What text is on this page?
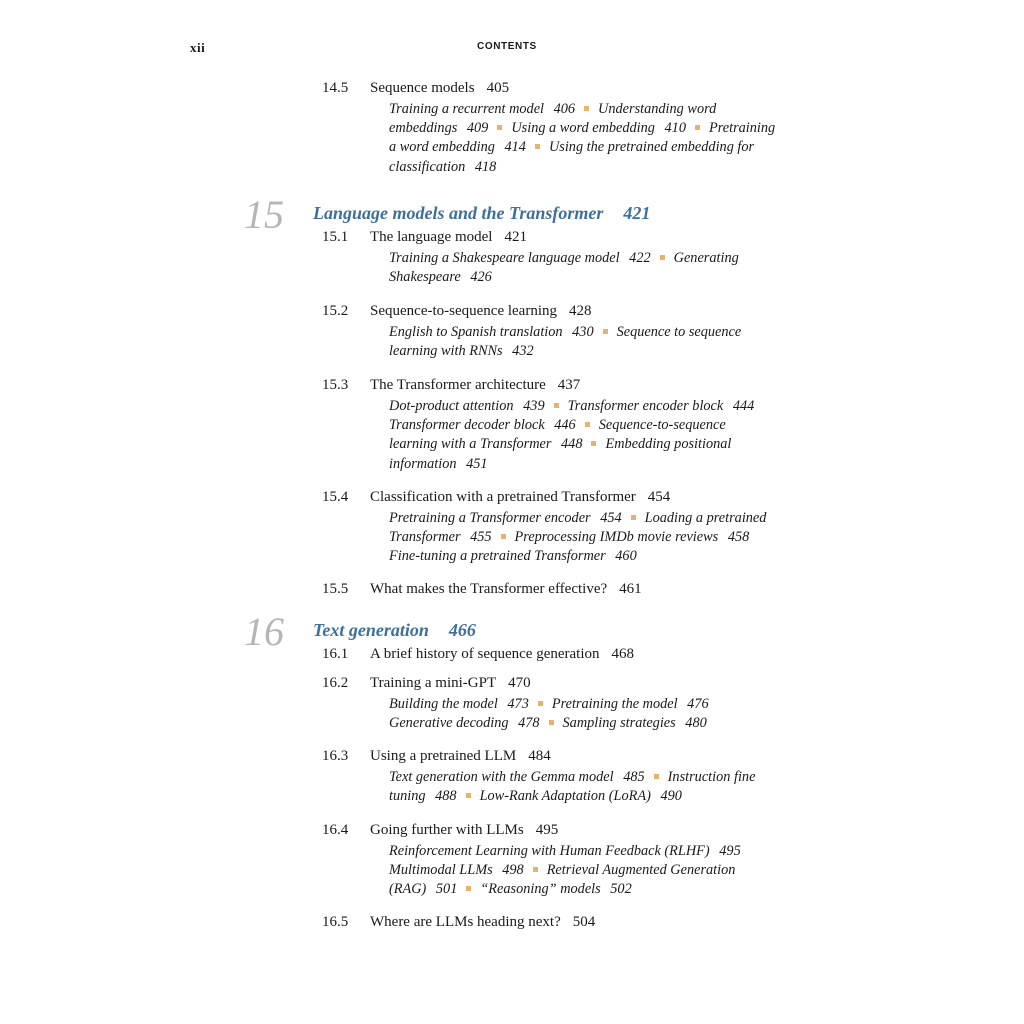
xii	CONTENTS
14.5 Sequence models 405
Training a recurrent model 406 Understanding word
embeddings 409 Using a word embedding 410 Pretraining
a word embedding 414 Using the pretrained embedding for
classification 418
15 Language models and the Transformer 421
15.1 The language model 421
Training a Shakespeare language model 422 Generating
Shakespeare 426
15.2 Sequence-to-sequence learning 428
English to Spanish translation 430 Sequence to sequence
learning with RNNs 432
15.3 The Transformer architecture 437
Dot-product attention 439 Transformer encoder block 444
Transformer decoder block 446 Sequence-to-sequence
learning with a Transformer 448 Embedding positional
information 451
15.4 Classification with a pretrained Transformer 454
Pretraining a Transformer encoder 454 Loading a pretrained
Transformer 455 Preprocessing IMDb movie reviews 458
Fine-tuning a pretrained Transformer 460
15.5 What makes the Transformer effective? 461
16 Text generation 466
16.1 A brief history of sequence generation 468
16.2 Training a mini-GPT 470
Building the model 473 Pretraining the model 476
Generative decoding 478 Sampling strategies 480
16.3 Using a pretrained LLM 484
Text generation with the Gemma model 485 Instruction fine
tuning 488 Low-Rank Adaptation (LoRA) 490
16.4 Going further with LLMs 495
Reinforcement Learning with Human Feedback (RLHF) 495
Multimodal LLMs 498 Retrieval Augmented Generation
(RAG) 501 “Reasoning” models 502
16.5 Where are LLMs heading next? 504
